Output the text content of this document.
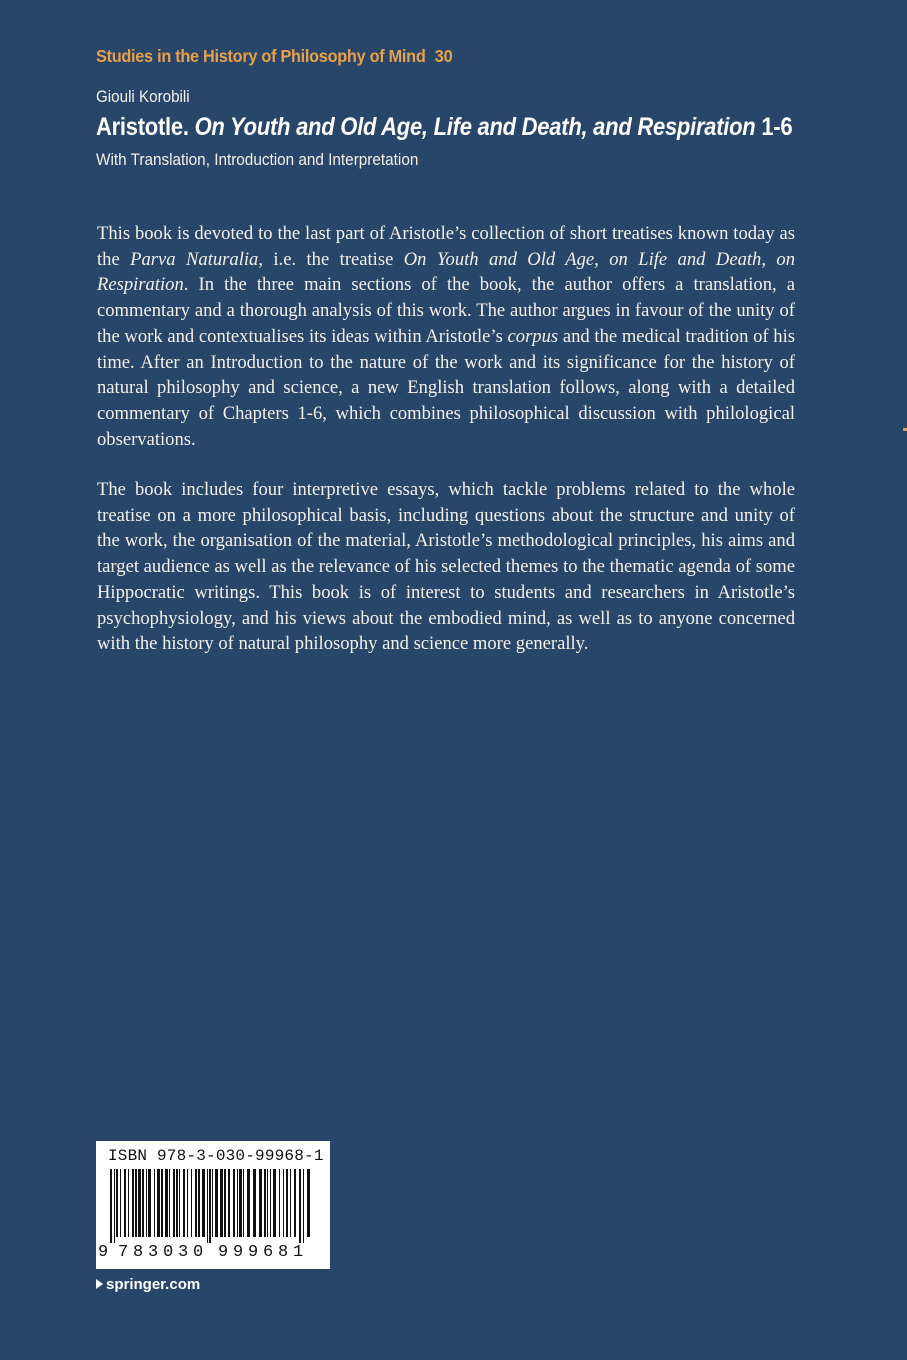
Studies in the History of Philosophy of Mind 30
Giouli Korobili
Aristotle. On Youth and Old Age, Life and Death, and Respiration 1-6
With Translation, Introduction and Interpretation

This book is devoted to the last part of Aristotle’s collection of short treatises known today as the Parva Naturalia, i.e. the treatise On Youth and Old Age, on Life and Death, on Respiration. In the three main sections of the book, the author offers a translation, a commentary and a thorough analysis of this work. The author argues in favour of the unity of the work and contextualises its ideas within Aristotle’s corpus and the medical tradition of his time. After an Introduction to the nature of the work and its significance for the history of natural philosophy and science, a new English translation follows, along with a detailed commentary of Chapters 1-6, which combines philosophical discussion with philological observations.

The book includes four interpretive essays, which tackle problems related to the whole treatise on a more philosophical basis, including questions about the structure and unity of the work, the organisation of the material, Aristotle’s methodological principles, his aims and target audience as well as the relevance of his selected themes to the thematic agenda of some Hippocratic writings. This book is of interest to students and researchers in Aristotle’s psychophysiology, and his views about the embodied mind, as well as to anyone concerned with the history of natural philosophy and science more generally.

ISBN 978-3-030-99968-1
9 7 8 3 0 3 0 9 9 9 6 8 1
springer.com
